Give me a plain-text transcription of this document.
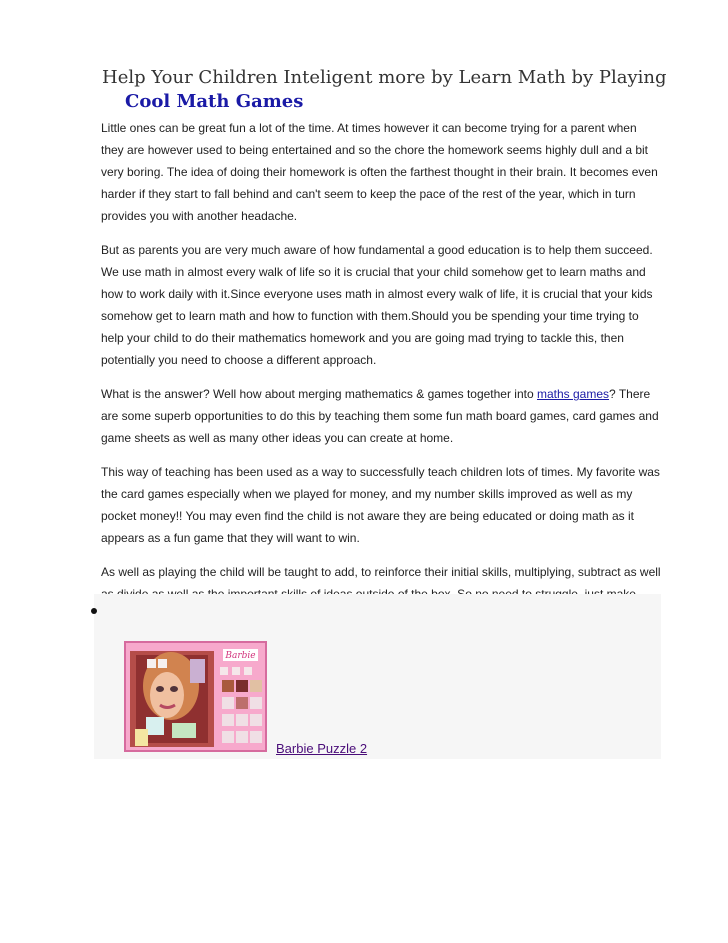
Help Your Children Inteligent more by Learn Math by Playing
Cool Math Games

Little ones can be great fun a lot of the time. At times however it can become trying for a parent when they are however used to being entertained and so the chore the homework seems highly dull and a bit very boring. The idea of doing their homework is often the farthest thought in their brain. It becomes even harder if they start to fall behind and can't seem to keep the pace of the rest of the year, which in turn provides you with another headache.

But as parents you are very much aware of how fundamental a good education is to help them succeed. We use math in almost every walk of life so it is crucial that your child somehow get to learn maths and how to work daily with it.Since everyone uses math in almost every walk of life, it is crucial that your kids somehow get to learn math and how to function with them.Should you be spending your time trying to help your child to do their mathematics homework and you are going mad trying to tackle this, then potentially you need to choose a different approach.

What is the answer? Well how about merging mathematics & games together into maths games? There are some superb opportunities to do this by teaching them some fun math board games, card games and game sheets as well as many other ideas you can create at home.

This way of teaching has been used as a way to successfully teach children lots of times. My favorite was the card games especially when we played for money, and my number skills improved as well as my pocket money!! You may even find the child is not aware they are being educated or doing math as it appears as a fun game that they will want to win.

As well as playing the child will be taught to add, to reinforce their initial skills, multiplying, subtract as well

Barbie
Barbie Puzzle 2
